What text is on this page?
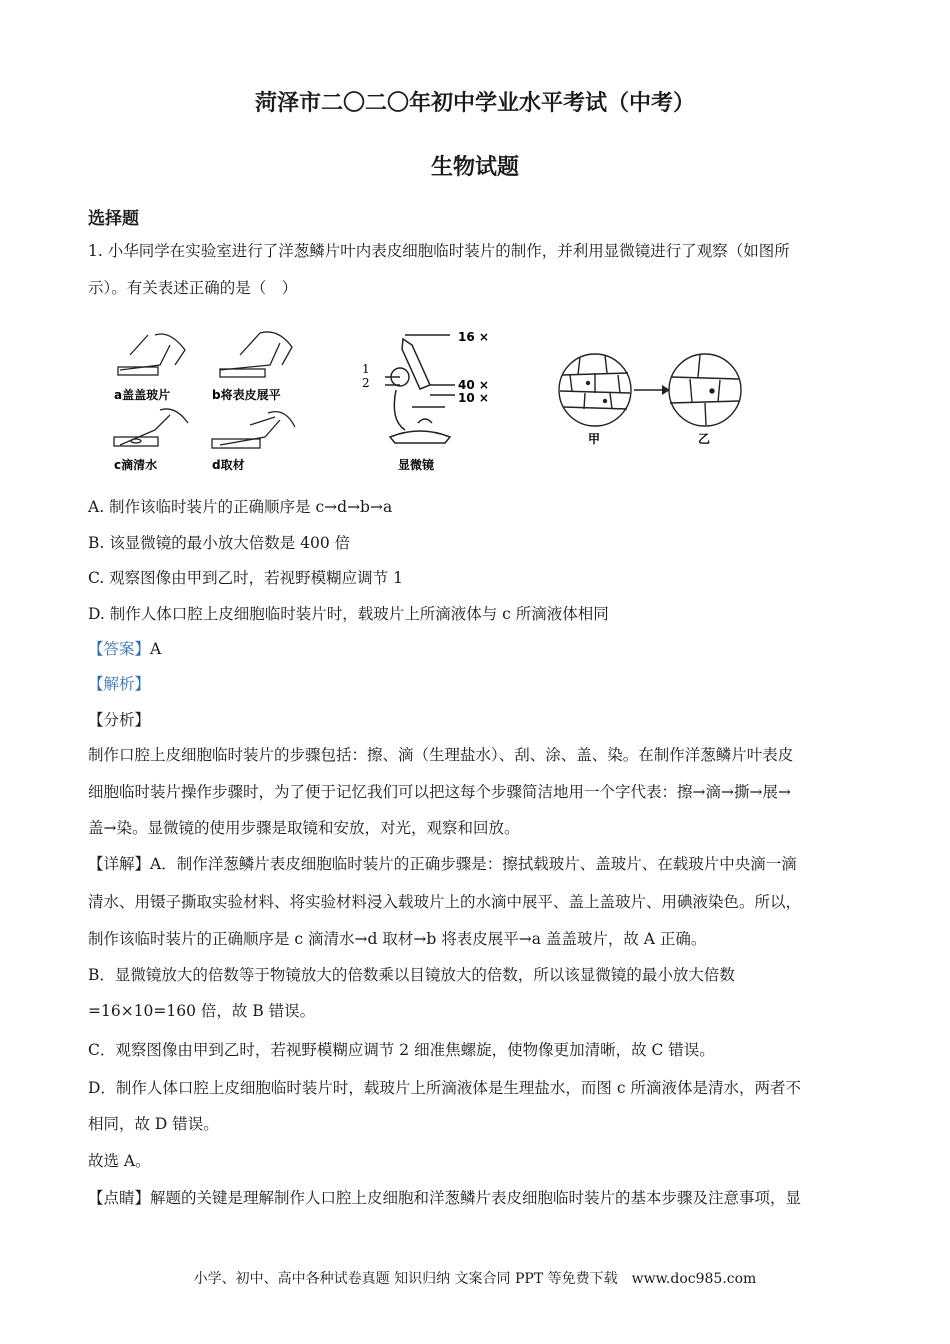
菏泽市二〇二〇年初中学业水平考试（中考）
生物试题
选择题
1. 小华同学在实验室进行了洋葱鳞片叶内表皮细胞临时装片的制作，并利用显微镜进行了观察（如图所
示）。有关表述正确的是（　）
a盖盖玻片	b将表皮展平
c滴清水	d取材
1
2
16 ×
40 ×
10 ×
显微镜
甲	乙
A. 制作该临时装片的正确顺序是 c→d→b→a
B. 该显微镜的最小放大倍数是 400 倍
C. 观察图像由甲到乙时，若视野模糊应调节 1
D. 制作人体口腔上皮细胞临时装片时，载玻片上所滴液体与 c 所滴液体相同
【答案】A
【解析】
【分析】
制作口腔上皮细胞临时装片的步骤包括：擦、滴（生理盐水）、刮、涂、盖、染。在制作洋葱鳞片叶表皮
细胞临时装片操作步骤时，为了便于记忆我们可以把这每个步骤简洁地用一个字代表：擦→滴→撕→展→
盖→染。显微镜的使用步骤是取镜和安放，对光，观察和回放。
【详解】A．制作洋葱鳞片表皮细胞临时装片的正确步骤是：擦拭载玻片、盖玻片、在载玻片中央滴一滴
清水、用镊子撕取实验材料、将实验材料浸入载玻片上的水滴中展平、盖上盖玻片、用碘液染色。所以，
制作该临时装片的正确顺序是 c 滴清水→d 取材→b 将表皮展平→a 盖盖玻片，故 A 正确。
B．显微镜放大的倍数等于物镜放大的倍数乘以目镜放大的倍数，所以该显微镜的最小放大倍数
=16×10=160 倍，故 B 错误。
C．观察图像由甲到乙时，若视野模糊应调节 2 细准焦螺旋，使物像更加清晰，故 C 错误。
D．制作人体口腔上皮细胞临时装片时，载玻片上所滴液体是生理盐水，而图 c 所滴液体是清水，两者不
相同，故 D 错误。
故选 A。
【点睛】解题的关键是理解制作人口腔上皮细胞和洋葱鳞片表皮细胞临时装片的基本步骤及注意事项，显
小学、初中、高中各种试卷真题 知识归纳 文案合同 PPT 等免费下载　www.doc985.com
